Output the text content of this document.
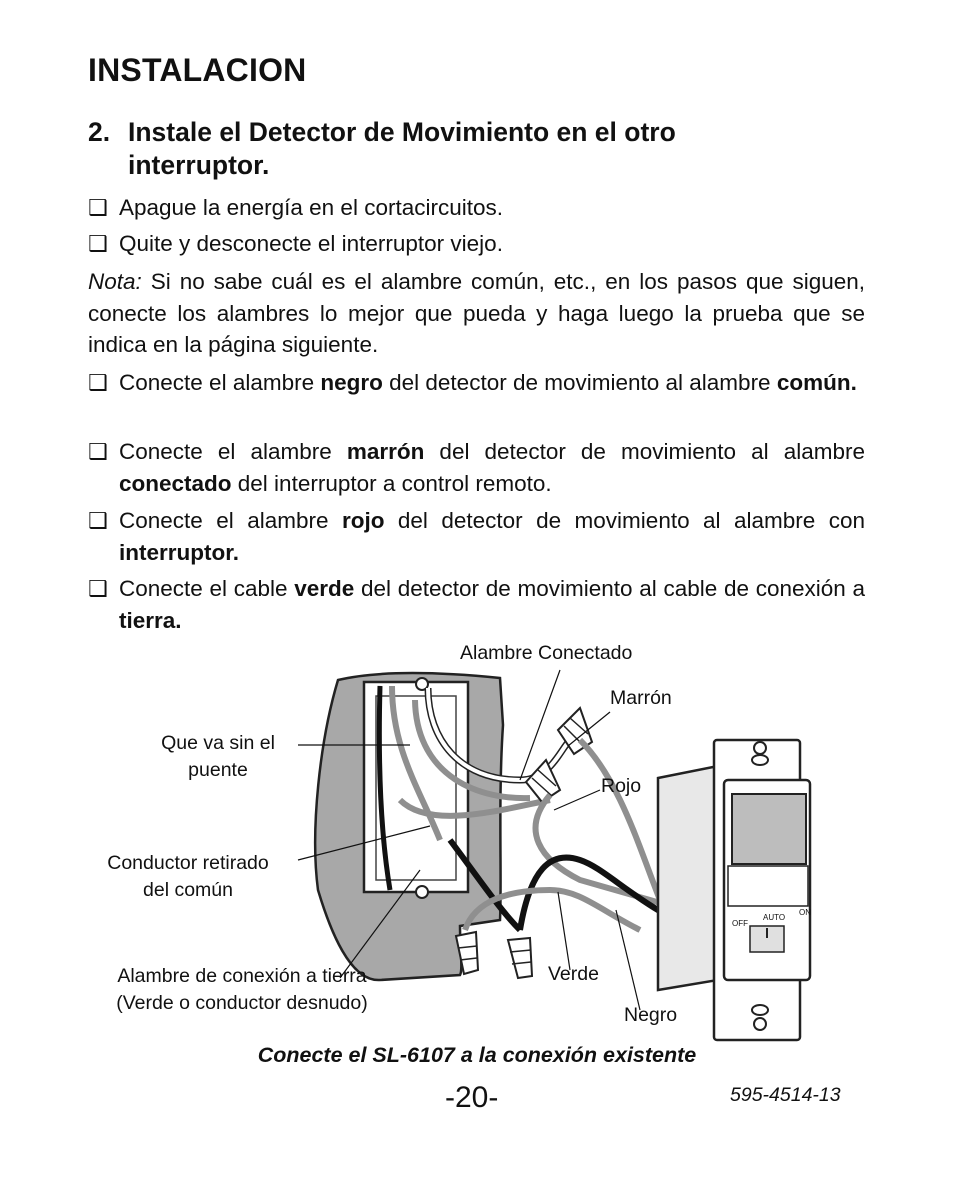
INSTALACION
2. Instale el Detector de Movimiento en el otro interruptor.
❑ Apague la energía en el cortacircuitos.
❑ Quite y desconecte el interruptor viejo.
Nota: Si no sabe cuál es el alambre común, etc., en los pasos que siguen, conecte los alambres lo mejor que pueda y haga luego la prueba que se indica en la página siguiente.
❑ Conecte el alambre negro del detector de movimiento al alambre común.
❑ Conecte el alambre marrón del detector de movimiento al alambre conectado del interruptor a control remoto.
❑ Conecte el alambre rojo del detector de movimiento al alambre con interruptor.
❑ Conecte el cable verde del detector de movimiento al cable de conexión a tierra.
Alambre Conectado
Marrón
Rojo
Que va sin el
puente
Conductor retirado
del común
Alambre de conexión a tierra
(Verde o conductor desnudo)
Verde
Negro
OFF
AUTO
ON
Conecte el SL-6107 a la conexión existente
-20-	595-4514-13
